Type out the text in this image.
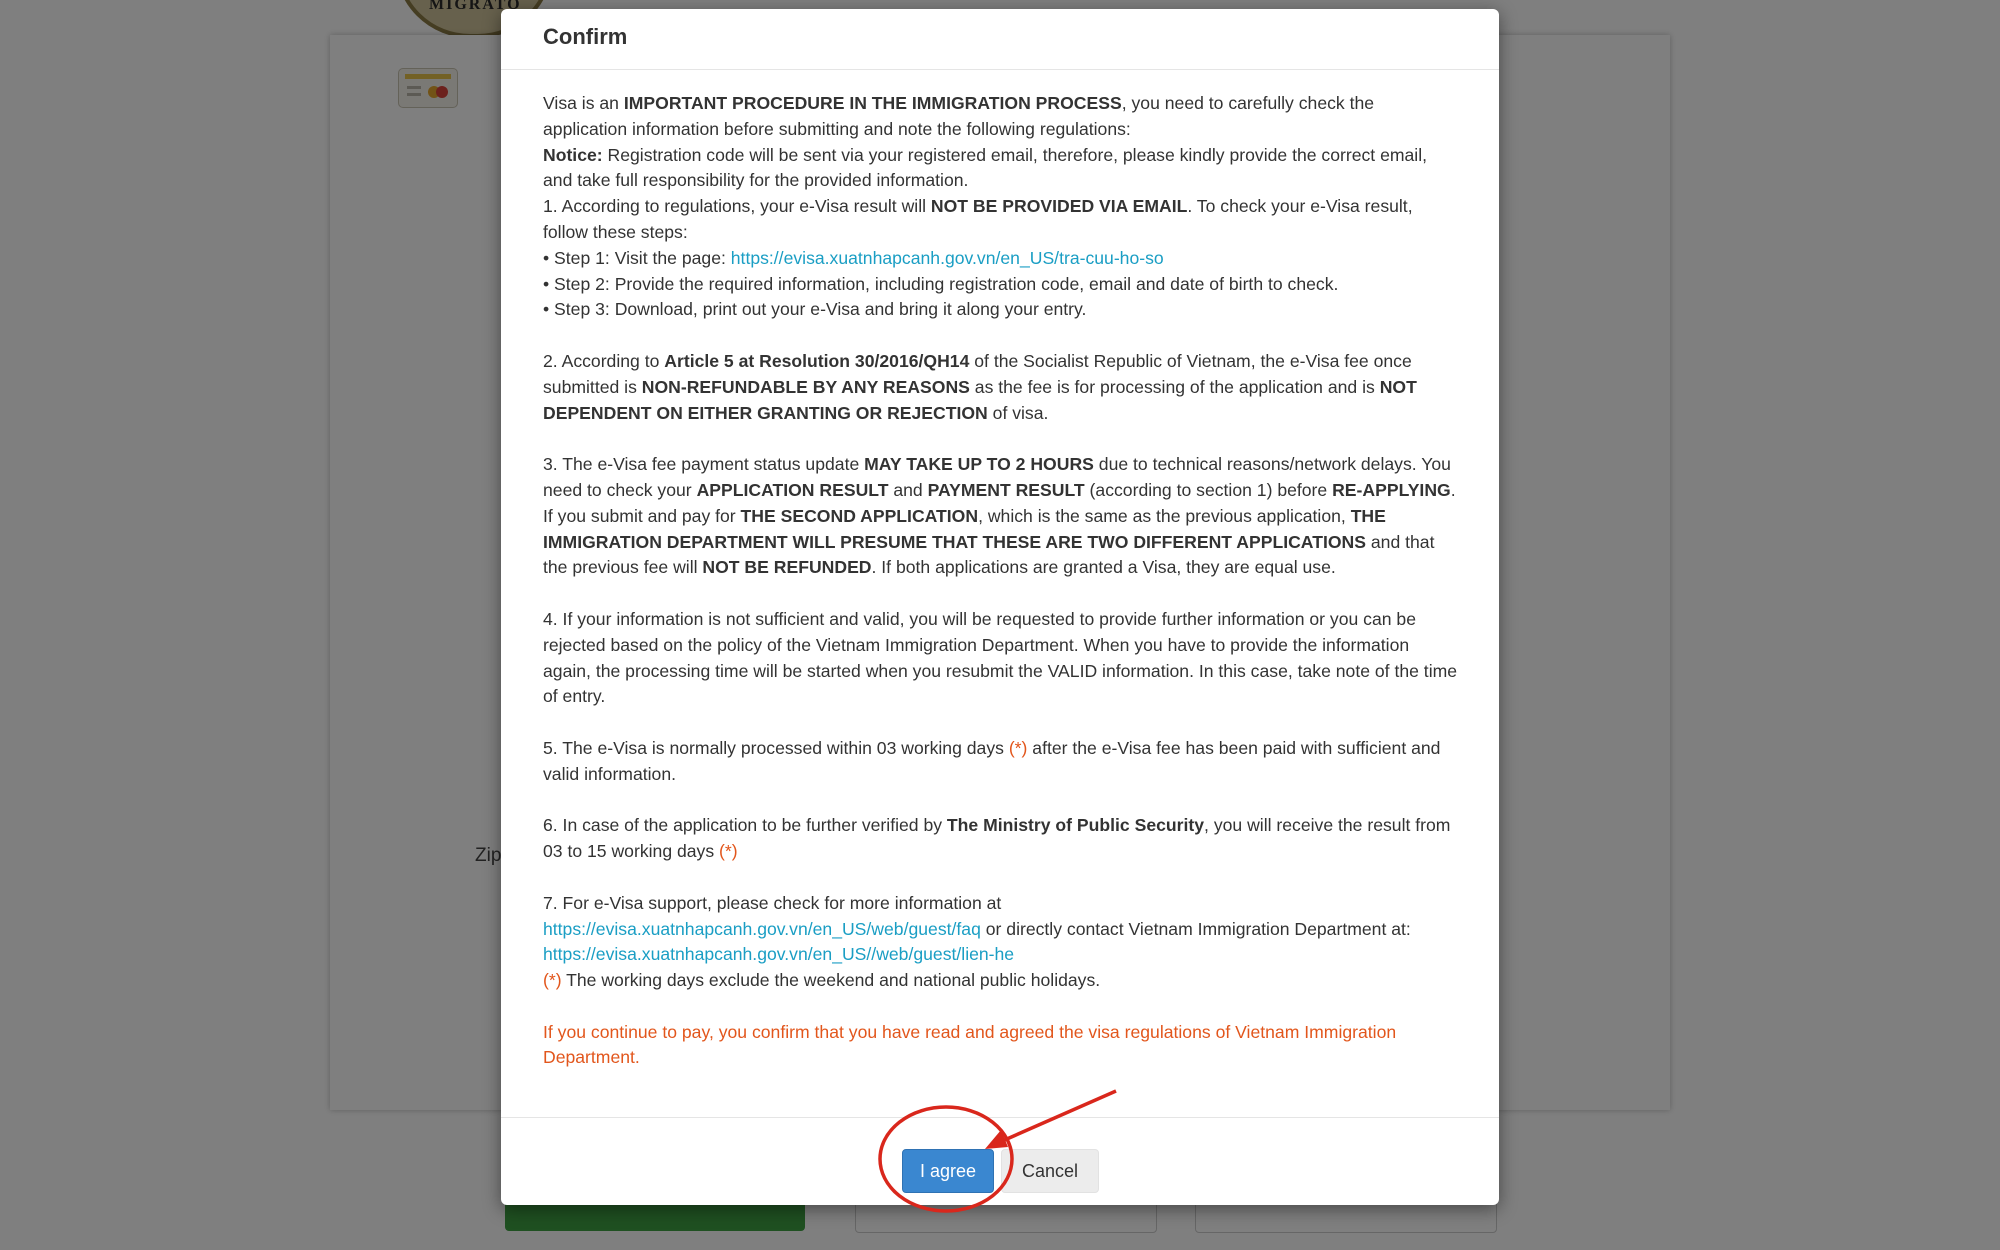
Confirm

Visa is an IMPORTANT PROCEDURE IN THE IMMIGRATION PROCESS, you need to carefully check the application information before submitting and note the following regulations:

Notice: Registration code will be sent via your registered email, therefore, please kindly provide the correct email, and take full responsibility for the provided information.

1. According to regulations, your e-Visa result will NOT BE PROVIDED VIA EMAIL. To check your e-Visa result, follow these steps:

• Step 1: Visit the page: https://evisa.xuatnhapcanh.gov.vn/en_US/tra-cuu-ho-so

• Step 2: Provide the required information, including registration code, email and date of birth to check.

• Step 3: Download, print out your e-Visa and bring it along your entry.

2. According to Article 5 at Resolution 30/2016/QH14 of the Socialist Republic of Vietnam, the e-Visa fee once submitted is NON-REFUNDABLE BY ANY REASONS as the fee is for processing of the application and is NOT DEPENDENT ON EITHER GRANTING OR REJECTION of visa.

3. The e-Visa fee payment status update MAY TAKE UP TO 2 HOURS due to technical reasons/network delays. You need to check your APPLICATION RESULT and PAYMENT RESULT (according to section 1) before RE-APPLYING. If you submit and pay for THE SECOND APPLICATION, which is the same as the previous application, THE IMMIGRATION DEPARTMENT WILL PRESUME THAT THESE ARE TWO DIFFERENT APPLICATIONS and that the previous fee will NOT BE REFUNDED. If both applications are granted a Visa, they are equal use.

4. If your information is not sufficient and valid, you will be requested to provide further information or you can be rejected based on the policy of the Vietnam Immigration Department. When you have to provide the information again, the processing time will be started when you resubmit the VALID information. In this case, take note of the time of entry.

5. The e-Visa is normally processed within 03 working days (*) after the e-Visa fee has been paid with sufficient and valid information.

6. In case of the application to be further verified by The Ministry of Public Security, you will receive the result from 03 to 15 working days (*)

7. For e-Visa support, please check for more information at

https://evisa.xuatnhapcanh.gov.vn/en_US/web/guest/faq or directly contact Vietnam Immigration Department at:

https://evisa.xuatnhapcanh.gov.vn/en_US//web/guest/lien-he

(*) The working days exclude the weekend and national public holidays.

If you continue to pay, you confirm that you have read and agreed the visa regulations of Vietnam Immigration Department.

I agree	Cancel
